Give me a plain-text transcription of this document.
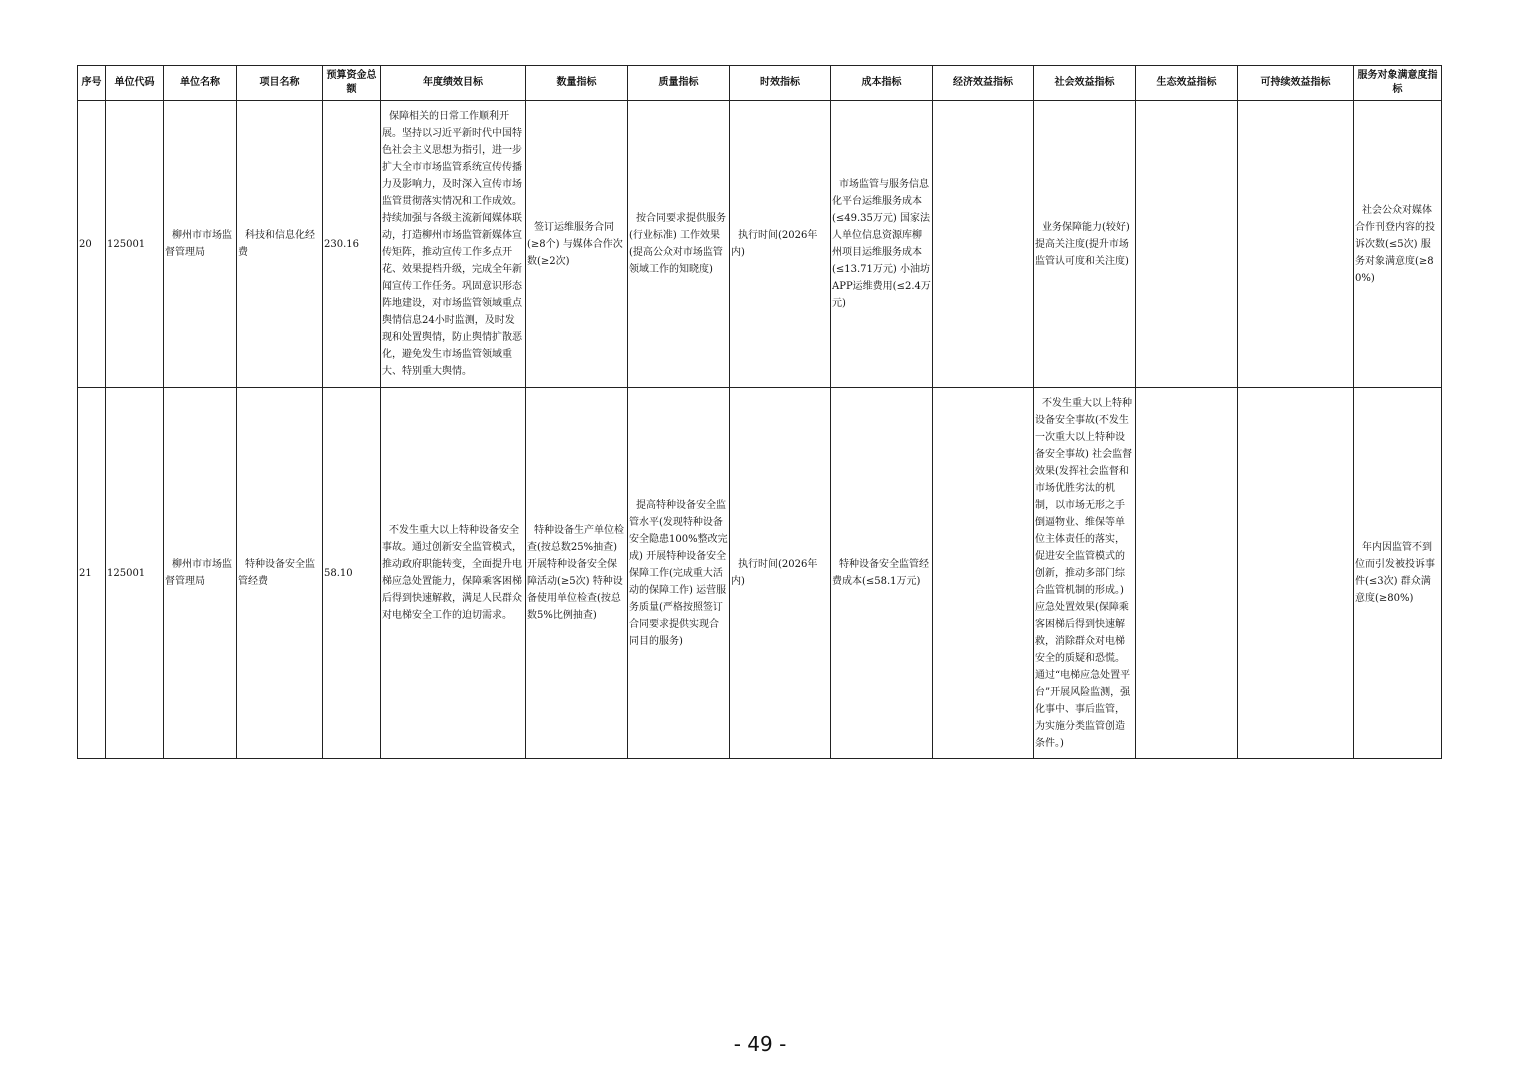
序号	单位代码	单位名称	项目名称	预算资金总额	年度绩效目标	数量指标	质量指标	时效指标	成本指标	经济效益指标	社会效益指标	生态效益指标	可持续效益指标	服务对象满意度指标
20	125001	柳州市市场监督管理局	科技和信息化经费	230.16	保障相关的日常工作顺利开展。坚持以习近平新时代中国特色社会主义思想为指引，进一步扩大全市市场监管系统宣传传播力及影响力，及时深入宣传市场监管贯彻落实情况和工作成效。持续加强与各级主流新闻媒体联动，打造柳州市场监管新媒体宣传矩阵，推动宣传工作多点开花、效果提档升级，完成全年新闻宣传工作任务。巩固意识形态阵地建设，对市场监管领域重点舆情信息24小时监测，及时发现和处置舆情，防止舆情扩散恶化，避免发生市场监管领域重大、特别重大舆情。	签订运维服务合同(≥8个) 与媒体合作次数(≥2次)	按合同要求提供服务(行业标准) 工作效果(提高公众对市场监管领域工作的知晓度)	执行时间(2026年内)	市场监管与服务信息化平台运维服务成本(≤49.35万元) 国家法人单位信息资源库柳州项目运维服务成本(≤13.71万元) 小油坊APP运维费用(≤2.4万元)		业务保障能力(较好) 提高关注度(提升市场监管认可度和关注度)			社会公众对媒体合作刊登内容的投诉次数(≤5次) 服务对象满意度(≥80%)
21	125001	柳州市市场监督管理局	特种设备安全监管经费	58.10	不发生重大以上特种设备安全事故。通过创新安全监管模式，推动政府职能转变，全面提升电梯应急处置能力，保障乘客困梯后得到快速解救，满足人民群众对电梯安全工作的迫切需求。	特种设备生产单位检查(按总数25%抽查) 开展特种设备安全保障活动(≥5次) 特种设备使用单位检查(按总数5%比例抽查)	提高特种设备安全监管水平(发现特种设备安全隐患100%整改完成) 开展特种设备安全保障工作(完成重大活动的保障工作) 运营服务质量(严格按照签订合同要求提供实现合同目的服务)	执行时间(2026年内)	特种设备安全监管经费成本(≤58.1万元)		不发生重大以上特种设备安全事故(不发生一次重大以上特种设备安全事故) 社会监督效果(发挥社会监督和市场优胜劣汰的机制，以市场无形之手倒逼物业、维保等单位主体责任的落实，促进安全监管模式的创新，推动多部门综合监管机制的形成。) 应急处置效果(保障乘客困梯后得到快速解救，消除群众对电梯安全的质疑和恐慌。通过“电梯应急处置平台”开展风险监测，强化事中、事后监管，为实施分类监管创造条件。)			年内因监管不到位而引发被投诉事件(≤3次) 群众满意度(≥80%)
- 49 -
